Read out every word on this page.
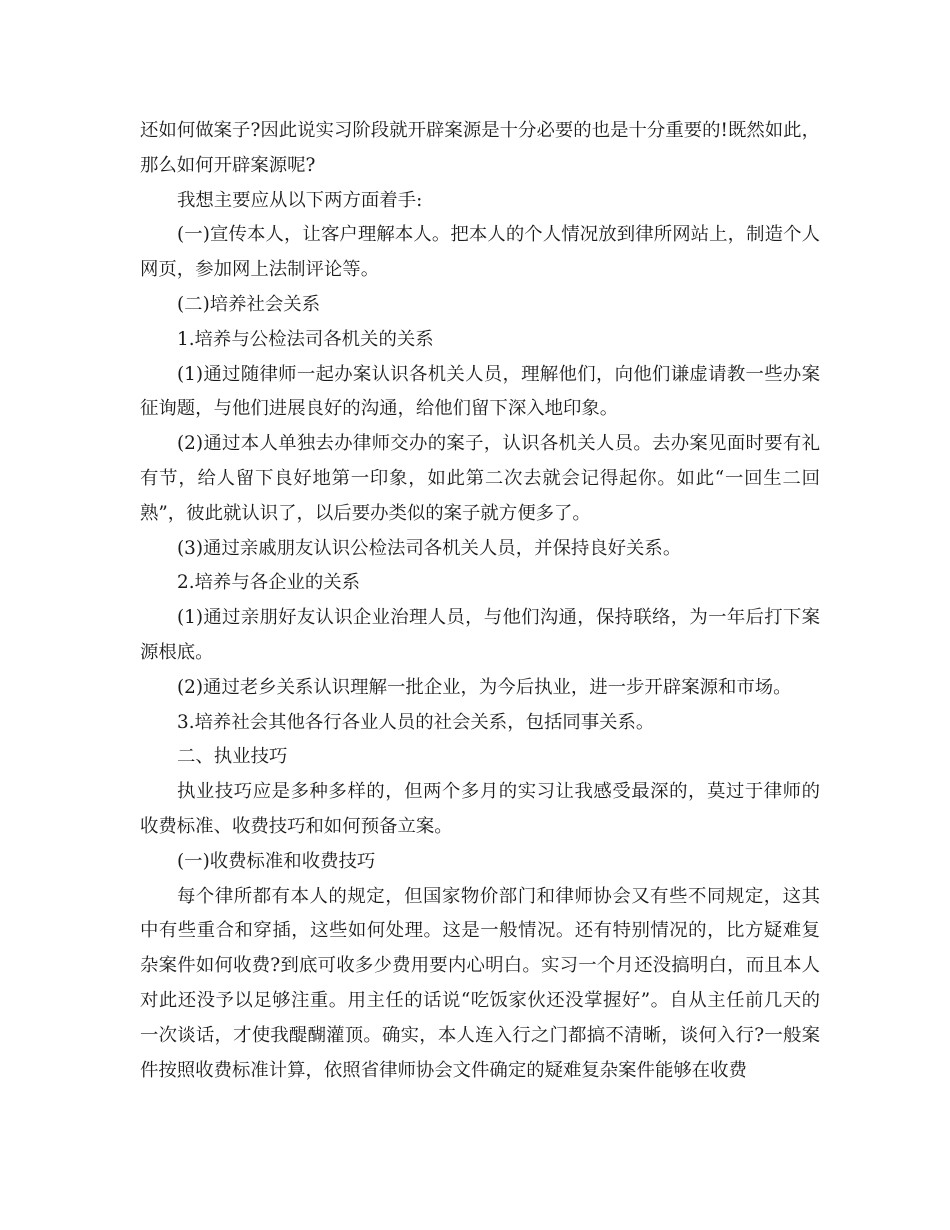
还如何做案子?因此说实习阶段就开辟案源是十分必要的也是十分重要的!既然如此，那么如何开辟案源呢?

我想主要应从以下两方面着手:

(一)宣传本人，让客户理解本人。把本人的个人情况放到律所网站上，制造个人网页，参加网上法制评论等。

(二)培养社会关系

1.培养与公检法司各机关的关系

(1)通过随律师一起办案认识各机关人员，理解他们，向他们谦虚请教一些办案征询题，与他们进展良好的沟通，给他们留下深入地印象。

(2)通过本人单独去办律师交办的案子，认识各机关人员。去办案见面时要有礼有节，给人留下良好地第一印象，如此第二次去就会记得起你。如此“一回生二回熟”，彼此就认识了，以后要办类似的案子就方便多了。

(3)通过亲戚朋友认识公检法司各机关人员，并保持良好关系。

2.培养与各企业的关系

(1)通过亲朋好友认识企业治理人员，与他们沟通，保持联络，为一年后打下案源根底。

(2)通过老乡关系认识理解一批企业，为今后执业，进一步开辟案源和市场。

3.培养社会其他各行各业人员的社会关系，包括同事关系。

二、执业技巧

执业技巧应是多种多样的，但两个多月的实习让我感受最深的，莫过于律师的收费标准、收费技巧和如何预备立案。

(一)收费标准和收费技巧

每个律所都有本人的规定，但国家物价部门和律师协会又有些不同规定，这其中有些重合和穿插，这些如何处理。这是一般情况。还有特别情况的，比方疑难复杂案件如何收费?到底可收多少费用要内心明白。实习一个月还没搞明白，而且本人对此还没予以足够注重。用主任的话说“吃饭家伙还没掌握好”。自从主任前几天的一次谈话，才使我醍醐灌顶。确实，本人连入行之门都搞不清晰，谈何入行?一般案件按照收费标准计算，依照省律师协会文件确定的疑难复杂案件能够在收费
